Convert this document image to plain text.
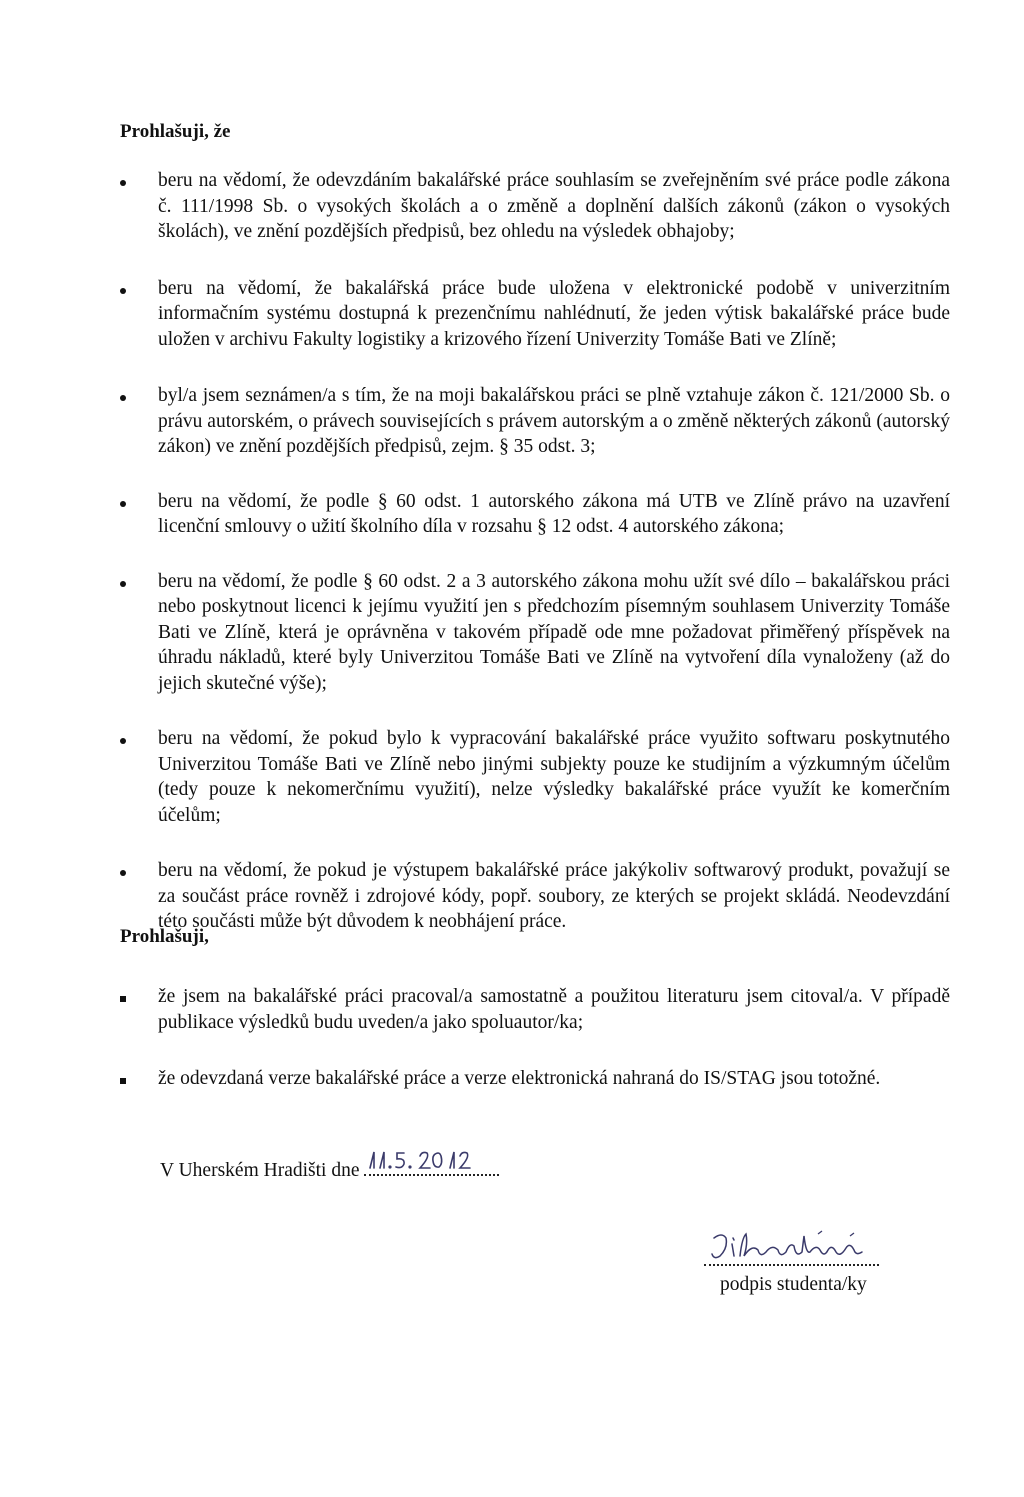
Prohlašuji, že
beru na vědomí, že odevzdáním bakalářské práce souhlasím se zveřejněním své práce podle zákona č. 111/1998 Sb. o vysokých školách a o změně a doplnění dalších zákonů (zákon o vysokých školách), ve znění pozdějších předpisů, bez ohledu na výsledek obhajoby;
beru na vědomí, že bakalářská práce bude uložena v elektronické podobě v univerzitním informačním systému dostupná k prezenčnímu nahlédnutí, že jeden výtisk bakalářské práce bude uložen v archivu Fakulty logistiky a krizového řízení Univerzity Tomáše Bati ve Zlíně;
byl/a jsem seznámen/a s tím, že na moji bakalářskou práci se plně vztahuje zákon č. 121/2000 Sb. o právu autorském, o právech souvisejících s právem autorským a o změně některých zákonů (autorský zákon) ve znění pozdějších předpisů, zejm. § 35 odst. 3;
beru na vědomí, že podle § 60 odst. 1 autorského zákona má UTB ve Zlíně právo na uzavření licenční smlouvy o užití školního díla v rozsahu § 12 odst. 4 autorského zákona;
beru na vědomí, že podle § 60 odst. 2 a 3 autorského zákona mohu užít své dílo – bakalářskou práci nebo poskytnout licenci k jejímu využití jen s předchozím písemným souhlasem Univerzity Tomáše Bati ve Zlíně, která je oprávněna v takovém případě ode mne požadovat přiměřený příspěvek na úhradu nákladů, které byly Univerzitou Tomáše Bati ve Zlíně na vytvoření díla vynaloženy (až do jejich skutečné výše);
beru na vědomí, že pokud bylo k vypracování bakalářské práce využito softwaru poskytnutého Univerzitou Tomáše Bati ve Zlíně nebo jinými subjekty pouze ke studijním a výzkumným účelům (tedy pouze k nekomerčnímu využití), nelze výsledky bakalářské práce využít ke komerčním účelům;
beru na vědomí, že pokud je výstupem bakalářské práce jakýkoliv softwarový produkt, považují se za součást práce rovněž i zdrojové kódy, popř. soubory, ze kterých se projekt skládá. Neodevzdání této součásti může být důvodem k neobhájení práce.
Prohlašuji,
že jsem na bakalářské práci pracoval/a samostatně a použitou literaturu jsem citoval/a. V případě publikace výsledků budu uveden/a jako spoluautor/ka;
že odevzdaná verze bakalářské práce a verze elektronická nahraná do IS/STAG jsou totožné.
V Uherském Hradišti dne
podpis studenta/ky
